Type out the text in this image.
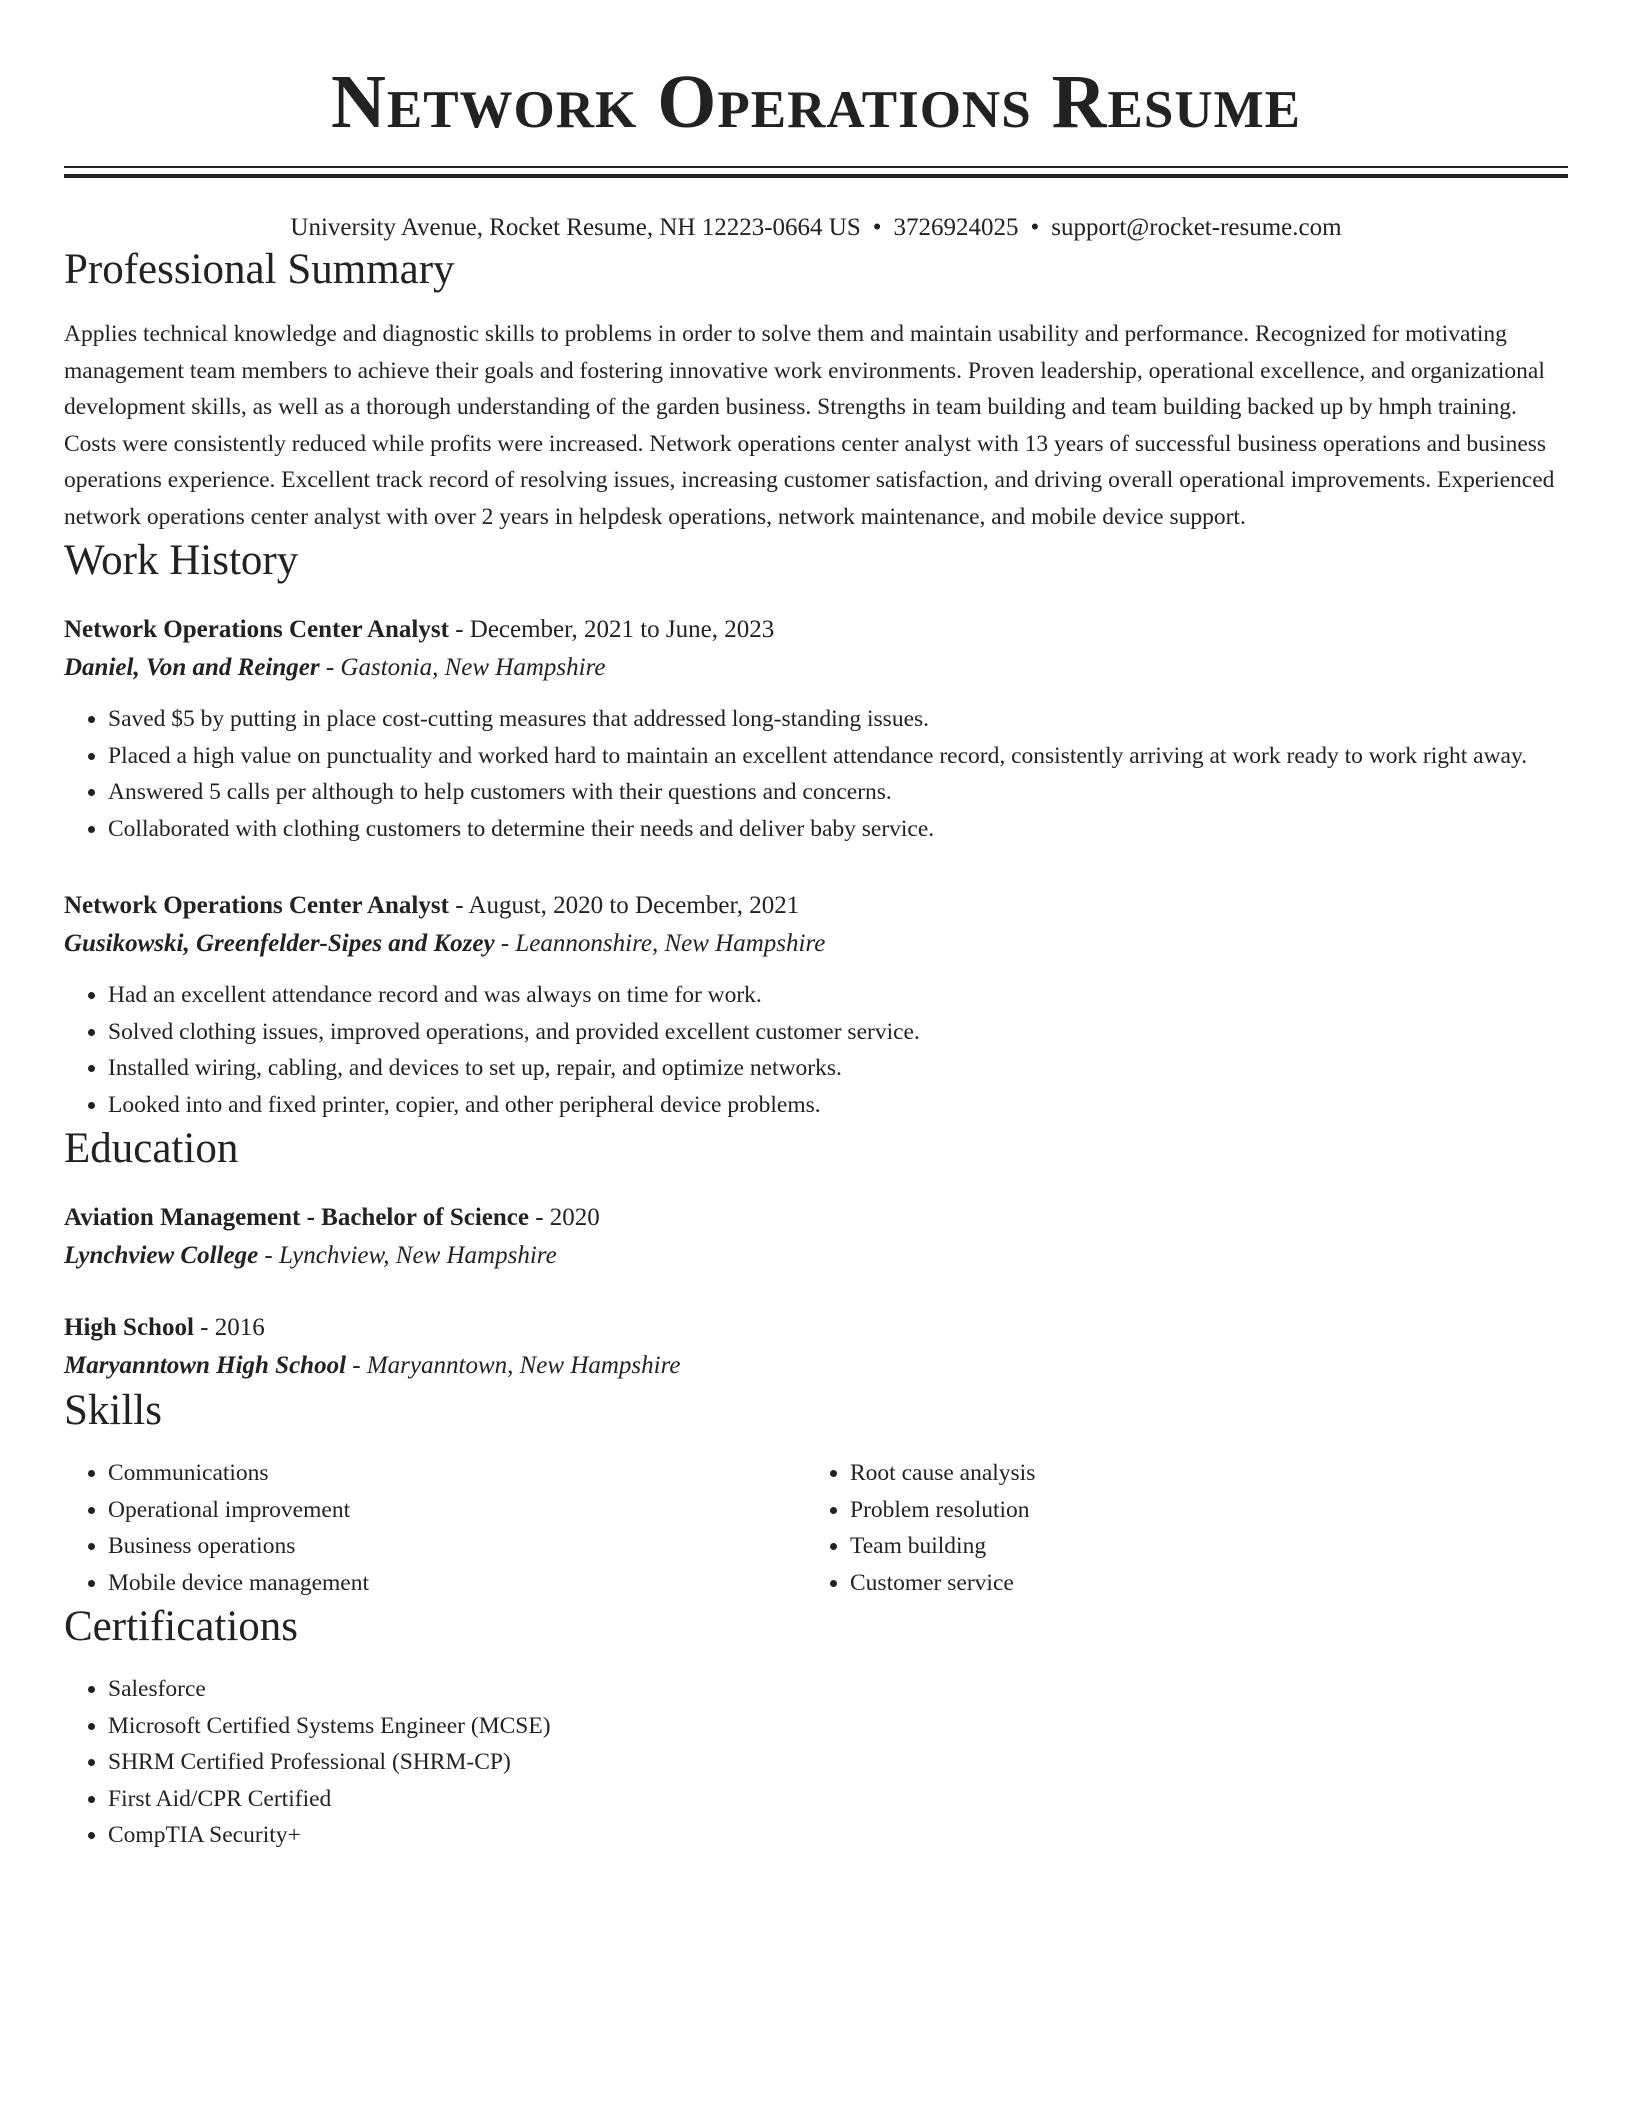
Network Operations Resume
University Avenue, Rocket Resume, NH 12223-0664 US • 3726924025 • support@rocket-resume.com
Professional Summary

Applies technical knowledge and diagnostic skills to problems in order to solve them and maintain usability and performance. Recognized for motivating management team members to achieve their goals and fostering innovative work environments. Proven leadership, operational excellence, and organizational development skills, as well as a thorough understanding of the garden business. Strengths in team building and team building backed up by hmph training. Costs were consistently reduced while profits were increased. Network operations center analyst with 13 years of successful business operations and business operations experience. Excellent track record of resolving issues, increasing customer satisfaction, and driving overall operational improvements. Experienced network operations center analyst with over 2 years in helpdesk operations, network maintenance, and mobile device support.

Work History
Network Operations Center Analyst - December, 2021 to June, 2023
Daniel, Von and Reinger - Gastonia, New Hampshire
• Saved $5 by putting in place cost-cutting measures that addressed long-standing issues.
• Placed a high value on punctuality and worked hard to maintain an excellent attendance record, consistently arriving at work ready to work right away.
• Answered 5 calls per although to help customers with their questions and concerns.
• Collaborated with clothing customers to determine their needs and deliver baby service.
Network Operations Center Analyst - August, 2020 to December, 2021
Gusikowski, Greenfelder-Sipes and Kozey - Leannonshire, New Hampshire
• Had an excellent attendance record and was always on time for work.
• Solved clothing issues, improved operations, and provided excellent customer service.
• Installed wiring, cabling, and devices to set up, repair, and optimize networks.
• Looked into and fixed printer, copier, and other peripheral device problems.
Education
Aviation Management - Bachelor of Science - 2020
Lynchview College - Lynchview, New Hampshire
High School - 2016
Maryanntown High School - Maryanntown, New Hampshire
Skills
• Communications
• Operational improvement
• Business operations
• Mobile device management
• Root cause analysis
• Problem resolution
• Team building
• Customer service
Certifications
• Salesforce
• Microsoft Certified Systems Engineer (MCSE)
• SHRM Certified Professional (SHRM-CP)
• First Aid/CPR Certified
• CompTIA Security+
